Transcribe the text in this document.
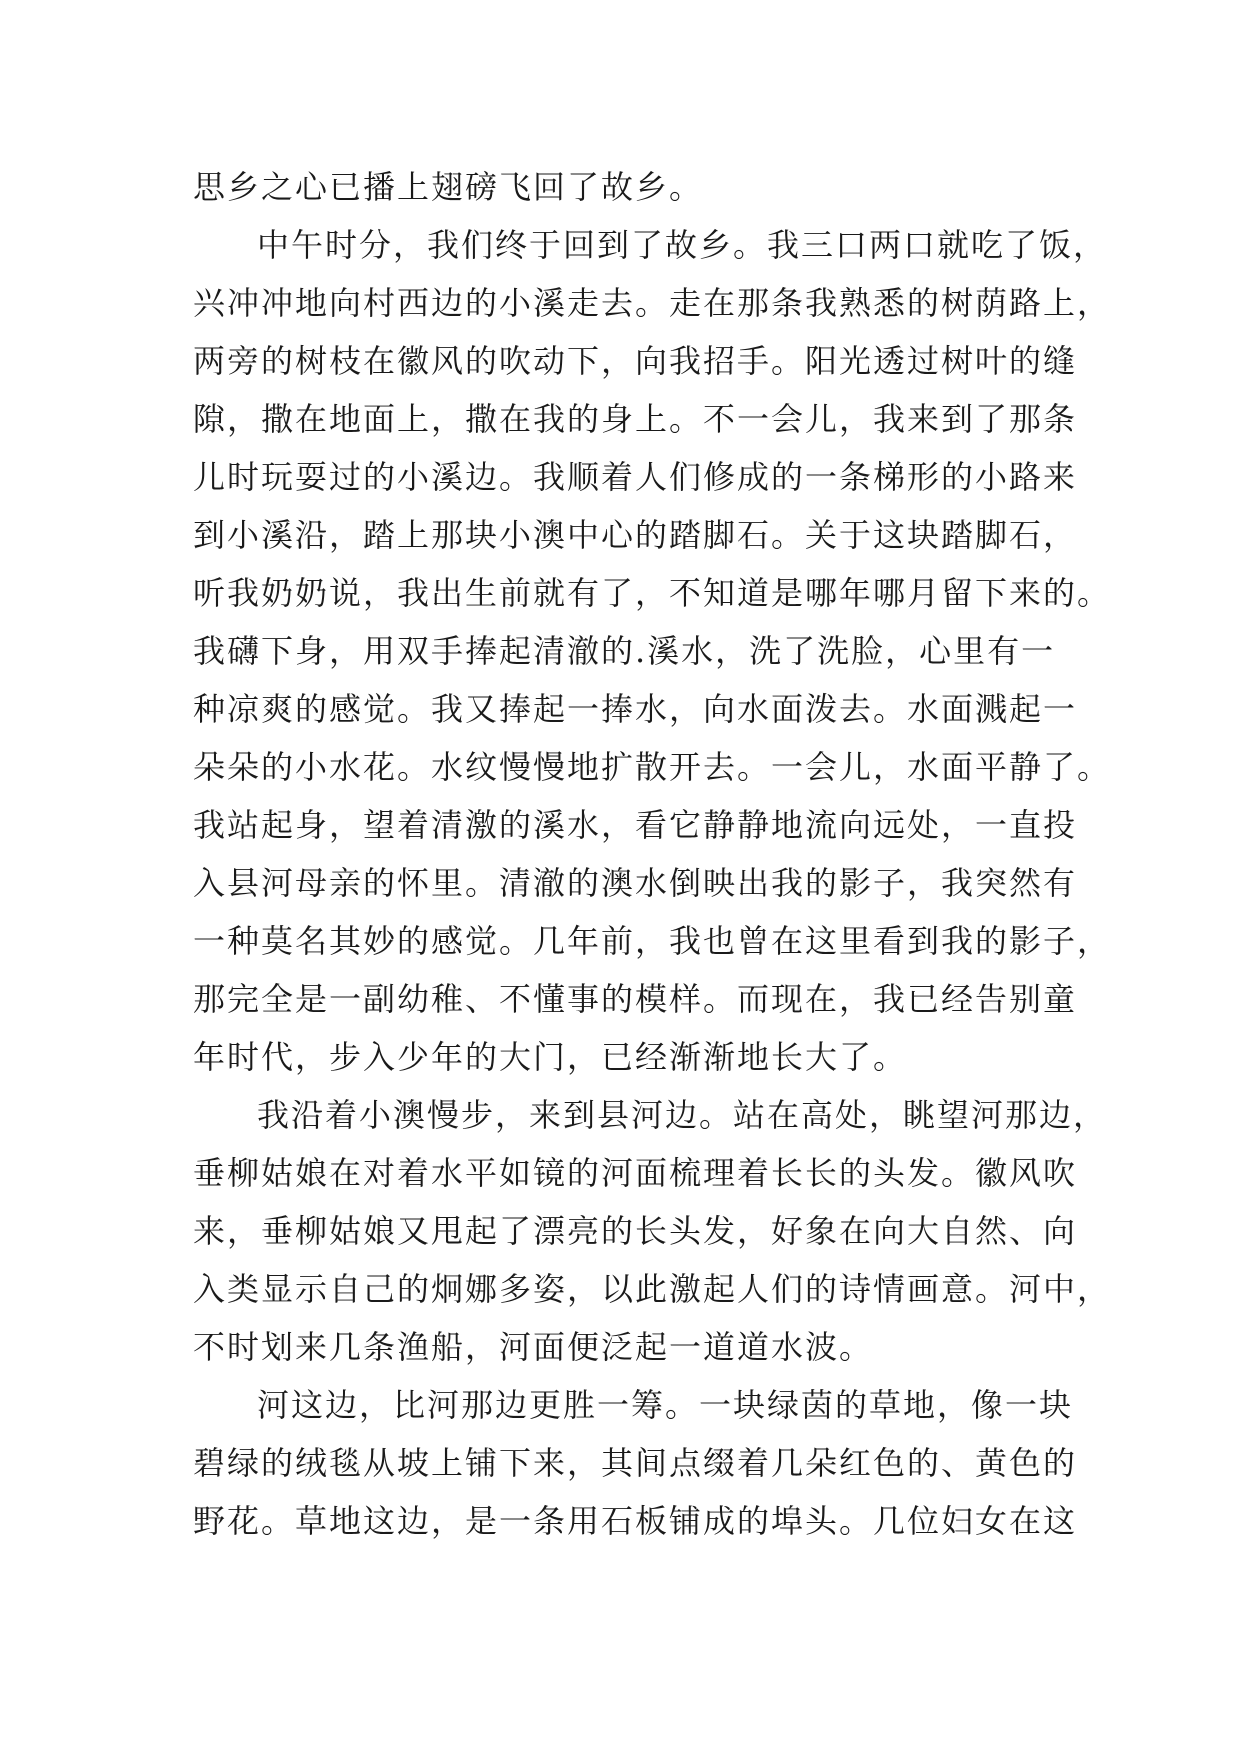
思乡之心已播上翅磅飞回了故乡。
中午时分，我们终于回到了故乡。我三口两口就吃了饭，
兴冲冲地向村西边的小溪走去。走在那条我熟悉的树荫路上，
两旁的树枝在徽风的吹动下，向我招手。阳光透过树叶的缝
隙，撒在地面上，撒在我的身上。不一会儿，我来到了那条
儿时玩耍过的小溪边。我顺着人们修成的一条梯形的小路来
到小溪沿，踏上那块小澳中心的踏脚石。关于这块踏脚石，
听我奶奶说，我出生前就有了，不知道是哪年哪月留下来的。
我礴下身，用双手捧起清澈的.溪水，洗了洗脸，心里有一
种凉爽的感觉。我又捧起一捧水，向水面泼去。水面溅起一
朵朵的小水花。水纹慢慢地扩散开去。一会儿，水面平静了。
我站起身，望着清激的溪水，看它静静地流向远处，一直投
入县河母亲的怀里。清澈的澳水倒映出我的影子，我突然有
一种莫名其妙的感觉。几年前，我也曾在这里看到我的影子，
那完全是一副幼稚、不懂事的模样。而现在，我已经告别童
年时代，步入少年的大门，已经渐渐地长大了。
我沿着小澳慢步，来到县河边。站在高处，眺望河那边，
垂柳姑娘在对着水平如镜的河面梳理着长长的头发。徽风吹
来，垂柳姑娘又甩起了漂亮的长头发，好象在向大自然、向
入类显示自己的炯娜多姿，以此激起人们的诗情画意。河中，
不时划来几条渔船，河面便泛起一道道水波。
河这边，比河那边更胜一筹。一块绿茵的草地，像一块
碧绿的绒毯从坡上铺下来，其间点缀着几朵红色的、黄色的
野花。草地这边，是一条用石板铺成的埠头。几位妇女在这
